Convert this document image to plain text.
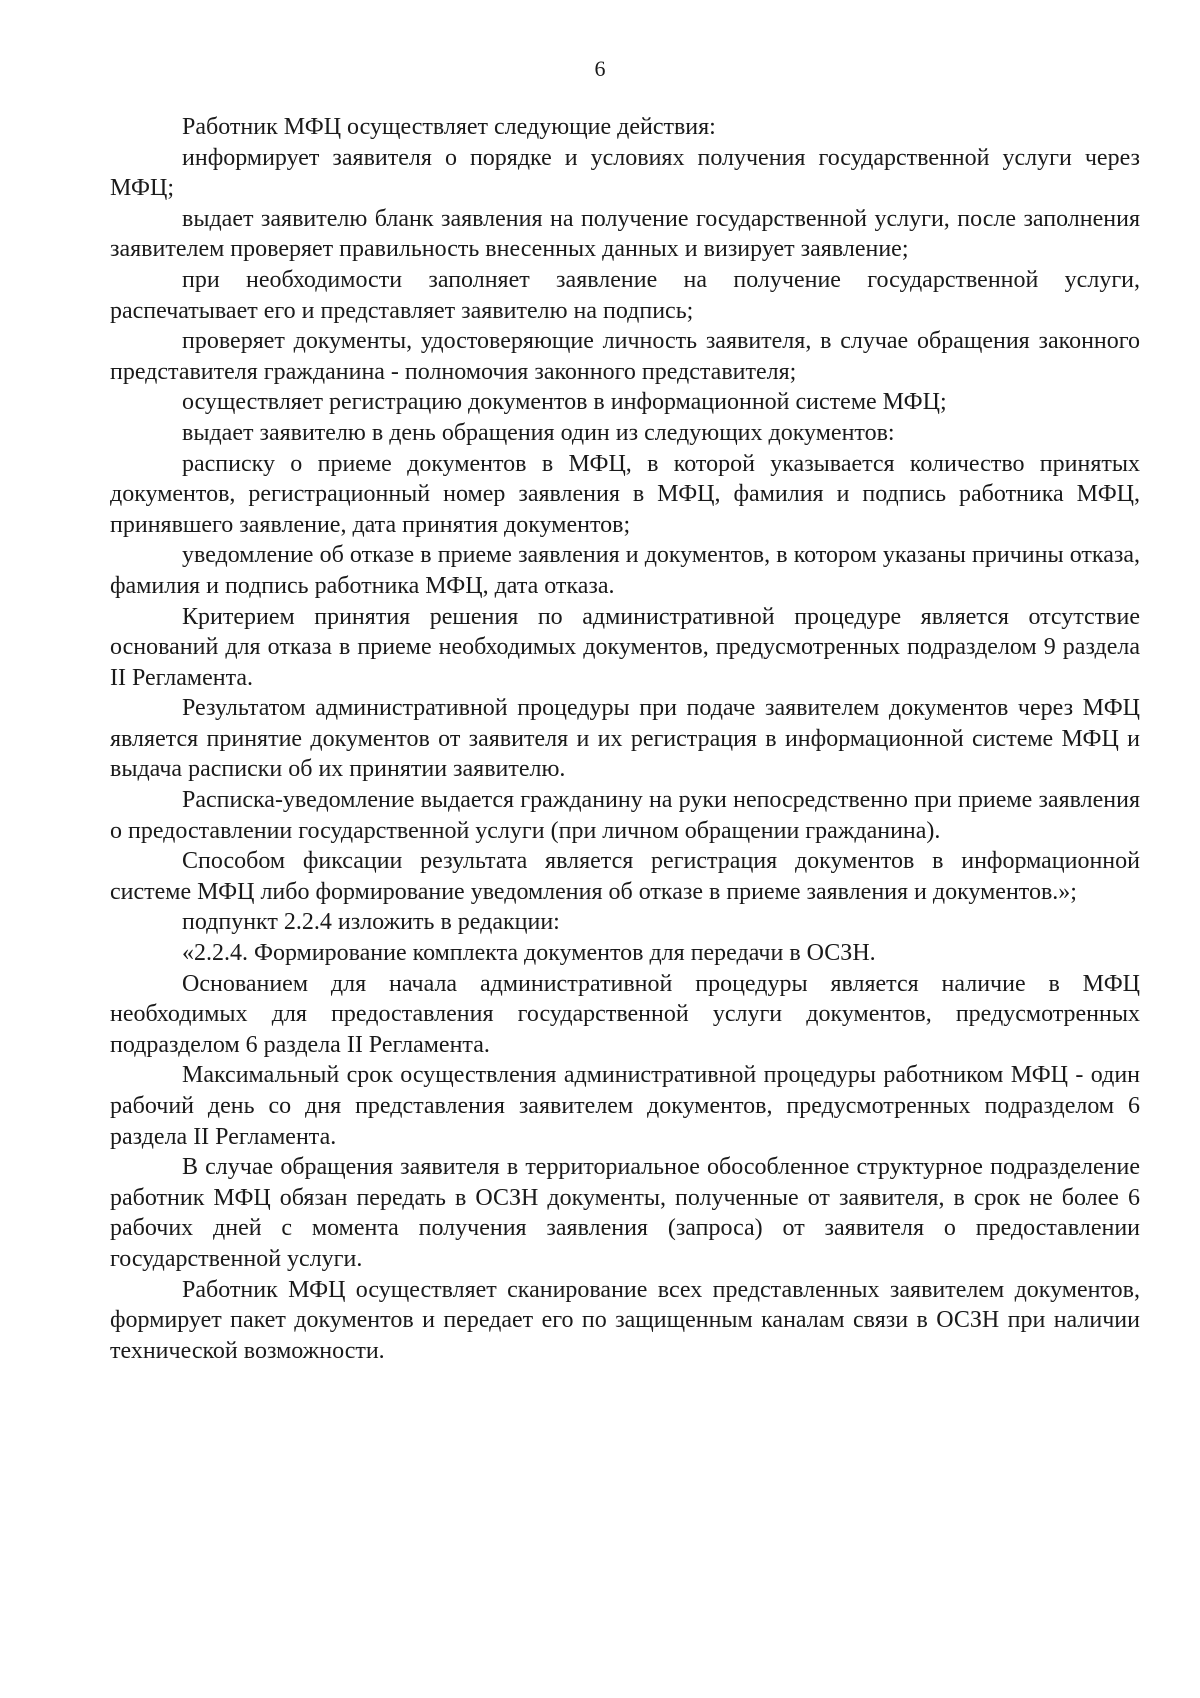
6

Работник МФЦ осуществляет следующие действия:

информирует заявителя о порядке и условиях получения государственной услуги через МФЦ;

выдает заявителю бланк заявления на получение государственной услуги, после заполнения заявителем проверяет правильность внесенных данных и визирует заявление;

при необходимости заполняет заявление на получение государственной услуги, распечатывает его и представляет заявителю на подпись;

проверяет документы, удостоверяющие личность заявителя, в случае обращения законного представителя гражданина - полномочия законного представителя;

осуществляет регистрацию документов в информационной системе МФЦ;

выдает заявителю в день обращения один из следующих документов:

расписку о приеме документов в МФЦ, в которой указывается количество принятых документов, регистрационный номер заявления в МФЦ, фамилия и подпись работника МФЦ, принявшего заявление, дата принятия документов;

уведомление об отказе в приеме заявления и документов, в котором указаны причины отказа, фамилия и подпись работника МФЦ, дата отказа.

Критерием принятия решения по административной процедуре является отсутствие оснований для отказа в приеме необходимых документов, предусмотренных подразделом 9 раздела II Регламента.

Результатом административной процедуры при подаче заявителем документов через МФЦ является принятие документов от заявителя и их регистрация в информационной системе МФЦ и выдача расписки об их принятии заявителю.

Расписка-уведомление выдается гражданину на руки непосредственно при приеме заявления о предоставлении государственной услуги (при личном обращении гражданина).

Способом фиксации результата является регистрация документов в информационной системе МФЦ либо формирование уведомления об отказе в приеме заявления и документов.»;

подпункт 2.2.4 изложить в редакции:

«2.2.4. Формирование комплекта документов для передачи в ОСЗН.

Основанием для начала административной процедуры является наличие в МФЦ необходимых для предоставления государственной услуги документов, предусмотренных подразделом 6 раздела II Регламента.

Максимальный срок осуществления административной процедуры работником МФЦ - один рабочий день со дня представления заявителем документов, предусмотренных подразделом 6 раздела II Регламента.

В случае обращения заявителя в территориальное обособленное структурное подразделение работник МФЦ обязан передать в ОСЗН документы, полученные от заявителя, в срок не более 6 рабочих дней с момента получения заявления (запроса) от заявителя о предоставлении государственной услуги.

Работник МФЦ осуществляет сканирование всех представленных заявителем документов, формирует пакет документов и передает его по защищенным каналам связи в ОСЗН при наличии технической возможности.
